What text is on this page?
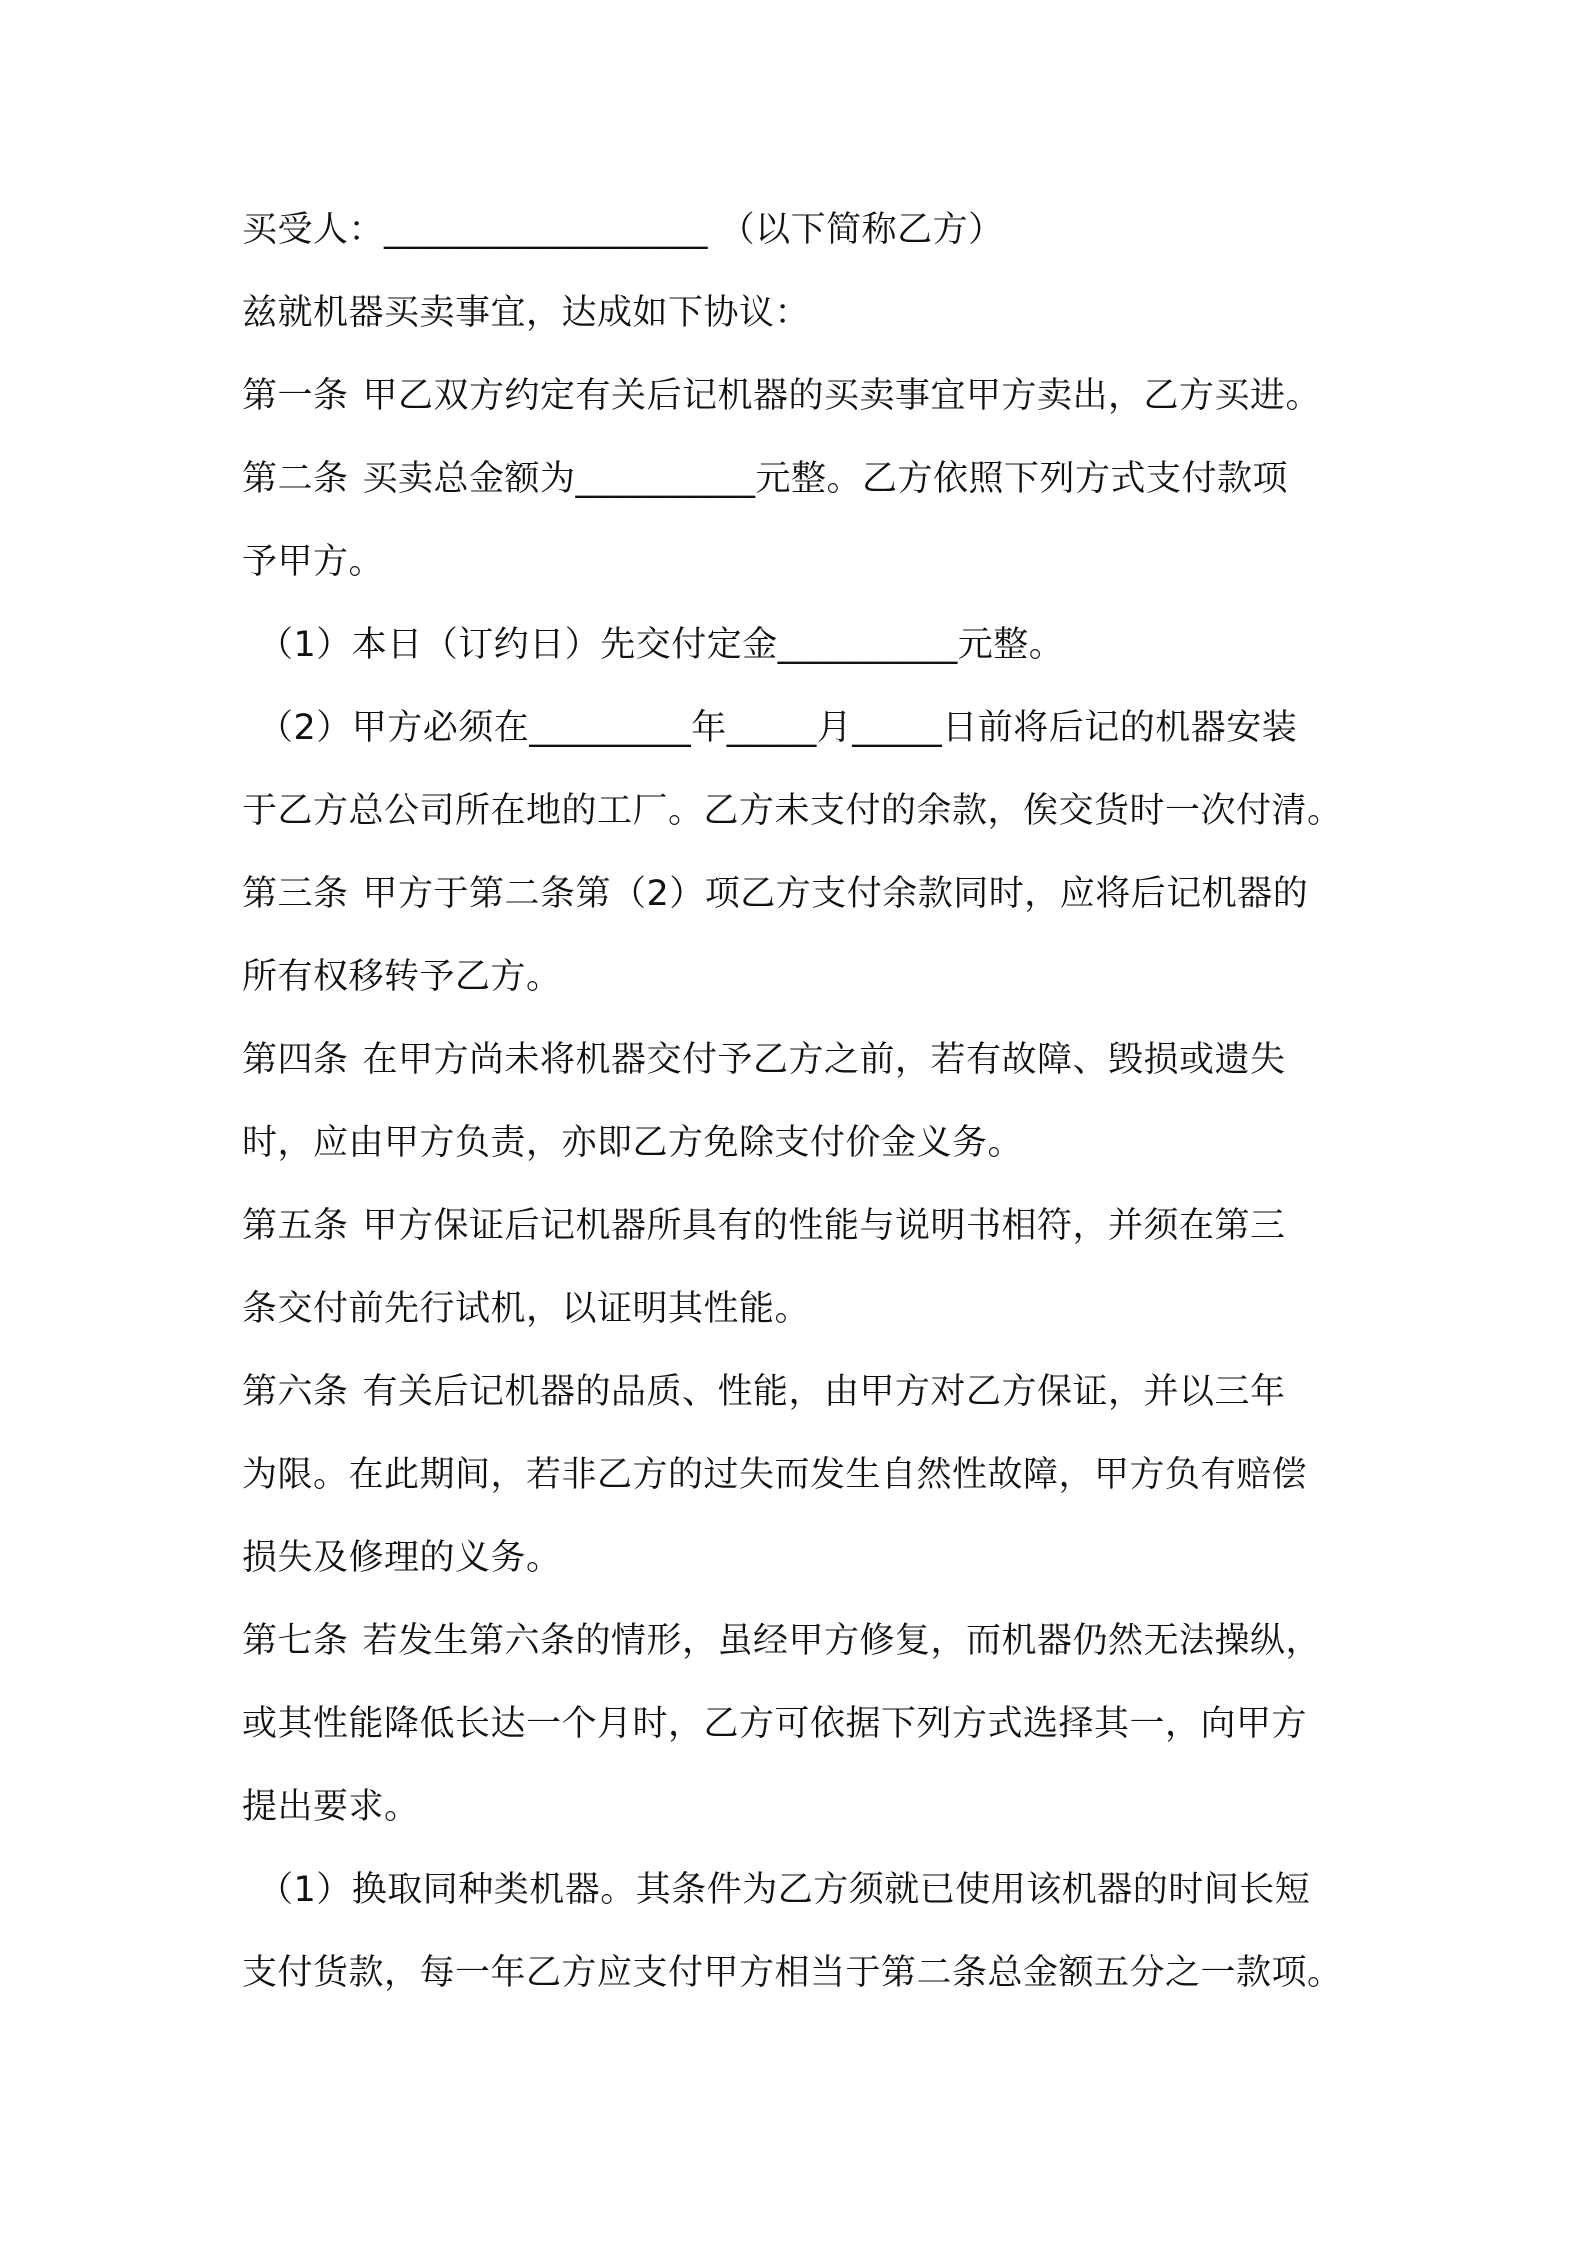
买受人：__________________ （以下简称乙方）
兹就机器买卖事宜，达成如下协议：
第一条 甲乙双方约定有关后记机器的买卖事宜甲方卖出，乙方买进。
第二条 买卖总金额为__________元整。乙方依照下列方式支付款项
予甲方。
（1）本日（订约日）先交付定金__________元整。
（2）甲方必须在_________年_____月_____日前将后记的机器安装
于乙方总公司所在地的工厂。乙方未支付的余款，俟交货时一次付清。
第三条 甲方于第二条第（2）项乙方支付余款同时，应将后记机器的
所有权移转予乙方。
第四条 在甲方尚未将机器交付予乙方之前，若有故障、毁损或遗失
时，应由甲方负责，亦即乙方免除支付价金义务。
第五条 甲方保证后记机器所具有的性能与说明书相符，并须在第三
条交付前先行试机，以证明其性能。
第六条 有关后记机器的品质、性能，由甲方对乙方保证，并以三年
为限。在此期间，若非乙方的过失而发生自然性故障，甲方负有赔偿
损失及修理的义务。
第七条 若发生第六条的情形，虽经甲方修复，而机器仍然无法操纵，
或其性能降低长达一个月时，乙方可依据下列方式选择其一，向甲方
提出要求。
（1）换取同种类机器。其条件为乙方须就已使用该机器的时间长短
支付货款，每一年乙方应支付甲方相当于第二条总金额五分之一款项。
